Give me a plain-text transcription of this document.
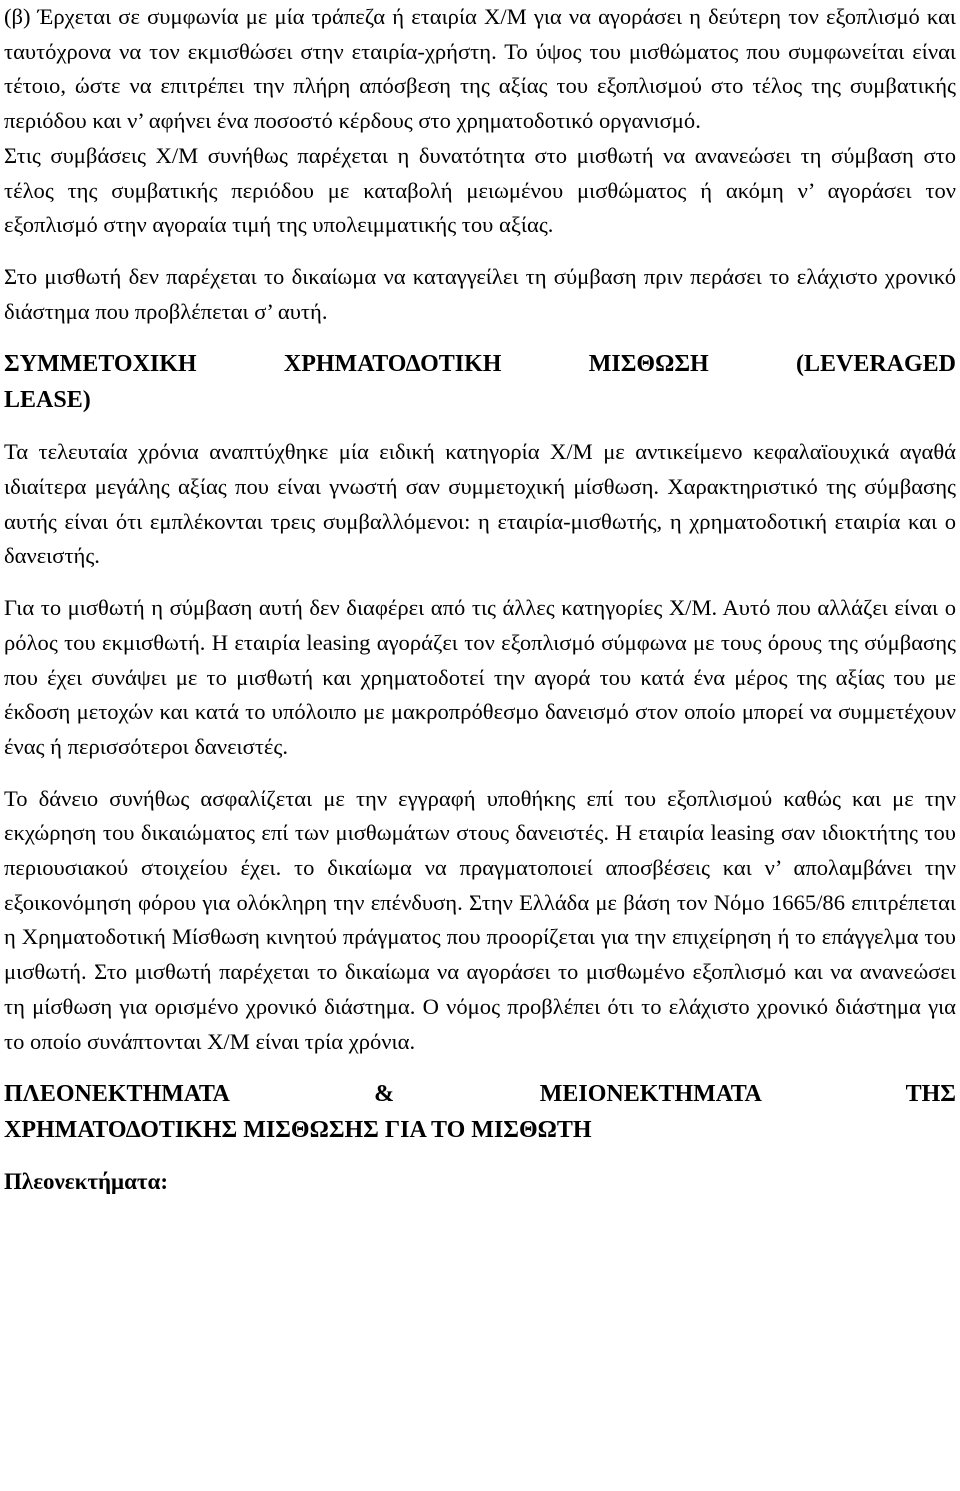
(β) Έρχεται σε συμφωνία με μία τράπεζα ή εταιρία Χ/Μ για να αγοράσει η δεύτερη τον εξοπλισμό και ταυτόχρονα να τον εκμισθώσει στην εταιρία-χρήστη. Το ύψος του μισθώματος που συμφωνείται είναι τέτοιο, ώστε να επιτρέπει την πλήρη απόσβεση της αξίας του εξοπλισμού στο τέλος της συμβατικής περιόδου και ν’ αφήνει ένα ποσοστό κέρδους στο χρηματοδοτικό οργανισμό.

Στις συμβάσεις Χ/Μ συνήθως παρέχεται η δυνατότητα στο μισθωτή να ανανεώσει τη σύμβαση στο τέλος της συμβατικής περιόδου με καταβολή μειωμένου μισθώματος ή ακόμη ν’ αγοράσει τον εξοπλισμό στην αγοραία τιμή της υπολειμματικής του αξίας.

Στο μισθωτή δεν παρέχεται το δικαίωμα να καταγγείλει τη σύμβαση πριν περάσει το ελάχιστο χρονικό διάστημα που προβλέπεται σ’ αυτή.

ΣΥΜΜΕΤΟΧΙΚΗ ΧΡΗΜΑΤΟΔΟΤΙΚΗ ΜΙΣΘΩΣΗ (LEVERAGED
LEASE)

Τα τελευταία χρόνια αναπτύχθηκε μία ειδική κατηγορία Χ/Μ με αντικείμενο κεφαλαϊουχικά αγαθά ιδιαίτερα μεγάλης αξίας που είναι γνωστή σαν συμμετοχική μίσθωση. Χαρακτηριστικό της σύμβασης αυτής είναι ότι εμπλέκονται τρεις συμβαλλόμενοι: η εταιρία-μισθωτής, η χρηματοδοτική εταιρία και ο δανειστής.

Για το μισθωτή η σύμβαση αυτή δεν διαφέρει από τις άλλες κατηγορίες Χ/Μ. Αυτό που αλλάζει είναι ο ρόλος του εκμισθωτή. Η εταιρία leasing αγοράζει τον εξοπλισμό σύμφωνα με τους όρους της σύμβασης που έχει συνάψει με το μισθωτή και χρηματοδοτεί την αγορά του κατά ένα μέρος της αξίας του με έκδοση μετοχών και κατά το υπόλοιπο με μακροπρόθεσμο δανεισμό στον οποίο μπορεί να συμμετέχουν ένας ή περισσότεροι δανειστές.

Το δάνειο συνήθως ασφαλίζεται με την εγγραφή υποθήκης επί του εξοπλισμού καθώς και με την εκχώρηση του δικαιώματος επί των μισθωμάτων στους δανειστές. Η εταιρία leasing σαν ιδιοκτήτης του περιουσιακού στοιχείου έχει. το δικαίωμα να πραγματοποιεί αποσβέσεις και ν’ απολαμβάνει την εξοικονόμηση φόρου για ολόκληρη την επένδυση. Στην Ελλάδα με βάση τον Νόμο 1665/86 επιτρέπεται η Χρηματοδοτική Μίσθωση κινητού πράγματος που προορίζεται για την επιχείρηση ή το επάγγελμα του μισθωτή. Στο μισθωτή παρέχεται το δικαίωμα να αγοράσει το μισθωμένο εξοπλισμό και να ανανεώσει τη μίσθωση για ορισμένο χρονικό διάστημα. Ο νόμος προβλέπει ότι το ελάχιστο χρονικό διάστημα για το οποίο συνάπτονται Χ/Μ είναι τρία χρόνια.

ΠΛΕΟΝΕΚΤΗΜΑΤΑ & ΜΕΙΟΝΕΚΤΗΜΑΤΑ ΤΗΣ
ΧΡΗΜΑΤΟΔΟΤΙΚΗΣ ΜΙΣΘΩΣΗΣ ΓΙΑ ΤΟ ΜΙΣΘΩΤΗ

Πλεονεκτήματα:
